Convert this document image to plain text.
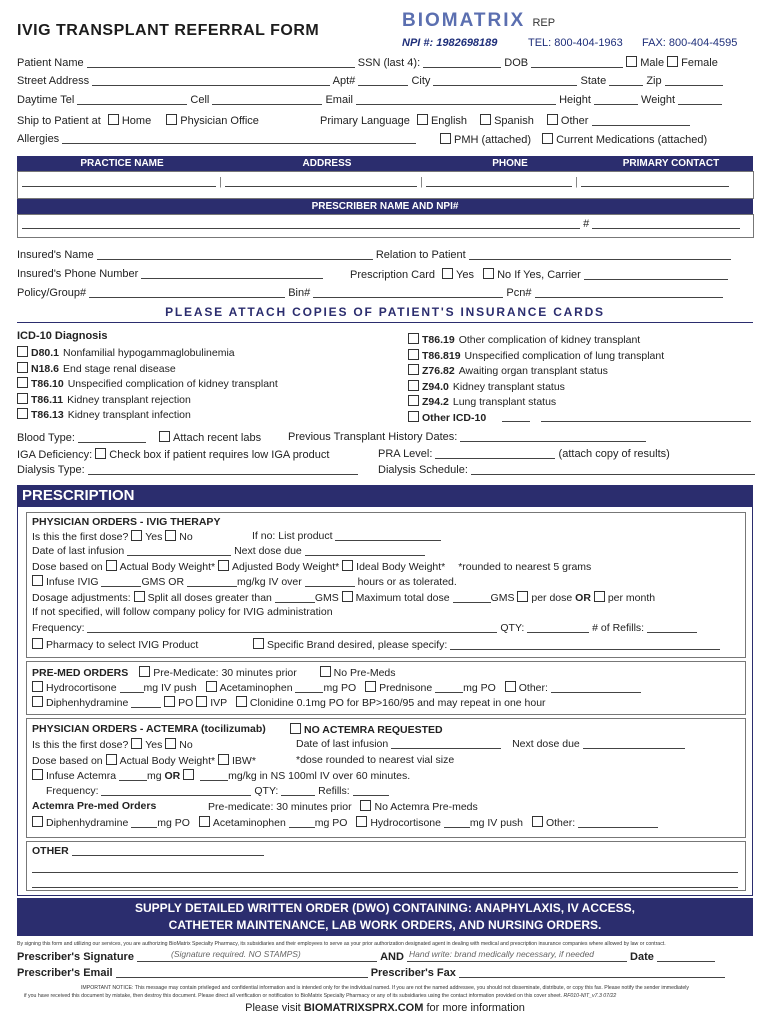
IVIG TRANSPLANT REFERRAL FORM	BIOMATRIX REP
NPI #: 1982698189	TEL: 800-404-1963 FAX: 800-404-4595
Patient Name	SSN (last 4):	DOB	Male Female
Street Address	Apt#	City	State	Zip
Daytime Tel	Cell	Email	Height	Weight
Ship to Patient at Home	Physician Office	Primary Language English Spanish Other
Allergies	PMH (attached) Current Medications (attached)
PRACTICE NAME	ADDRESS	PHONE	PRIMARY CONTACT
|	|	|
PRESCRIBER NAME AND NPI#
#
Insured's Name	Relation to Patient
Insured's Phone Number	Prescription Card Yes No If Yes, Carrier
Policy/Group#	Bin#	Pcn#
PLEASE ATTACH COPIES OF PATIENT'S INSURANCE CARDS
ICD-10 Diagnosis
D80.1 Nonfamilial hypogammaglobulinemia
N18.6 End stage renal disease
T86.10 Unspecified complication of kidney transplant
T86.11 Kidney transplant rejection
T86.13 Kidney transplant infection
T86.19 Other complication of kidney transplant
T86.819 Unspecified complication of lung transplant
Z76.82 Awaiting organ transplant status
Z94.0 Kidney transplant status
Z94.2 Lung transplant status
Other ICD-10

Blood Type:	Attach recent labs Previous Transplant History Dates:
IGA Deficiency: Check box if patient requires low IGA product	PRA Level:	(attach copy of results)
Dialysis Type:	Dialysis Schedule:
PRESCRIPTION
PHYSICIAN ORDERS - IVIG THERAPY
Is this the first dose? Yes No	If no: List product
Date of last infusion	Next dose due
Dose based on Actual Body Weight* Adjusted Body Weight* Ideal Body Weight* *rounded to nearest 5 grams
Infuse IVIG	GMS OR	mg/kg IV over	hours or as tolerated.
Dosage adjustments: Split all doses greater than	GMS Maximum total dose	GMS per dose OR per month
If not specified, will follow company policy for IVIG administration
Frequency:	QTY:	# of Refills:
Pharmacy to select IVIG Product	Specific Brand desired, please specify:
PRE-MED ORDERS Pre-Medicate: 30 minutes prior	No Pre-Meds
Hydrocortisone	mg IV push Acetaminophen	mg PO Prednisone	mg PO Other:
Diphenhydramine	PO IVP Clonidine 0.1mg PO for BP>160/95 and may repeat in one hour
PHYSICIAN ORDERS - ACTEMRA (tocilizumab)	NO ACTEMRA REQUESTED
Is this the first dose? Yes No	Date of last infusion	Next dose due
Dose based on Actual Body Weight* IBW*	*dose rounded to nearest vial size
Infuse Actemra	mg OR	mg/kg in NS 100ml IV over 60 minutes.
Frequency:	QTY:	Refills:
Actemra Pre-med Orders	Pre-medicate: 30 minutes prior No Actemra Pre-meds
Diphenhydramine	mg PO Acetaminophen	mg PO Hydrocortisone	mg IV push Other:
OTHER
SUPPLY DETAILED WRITTEN ORDER (DWO) CONTAINING: ANAPHYLAXIS, IV ACCESS,
CATHETER MAINTENANCE, LAB WORK ORDERS, AND NURSING ORDERS.
By signing this form and utilizing our services, you are authorizing BioMatrix Specialty Pharmacy, its subsidiaries and their employees to serve as your prior authorization designated agent in dealing with medical and prescription insurance companies where allowed by law or contract.
Prescriber's Signature	(Signature required. NO STAMPS)	AND Hand write: brand medically necessary, if needed	Date
Prescriber's Email	Prescriber's Fax
IMPORTANT NOTICE: This message may contain privileged and confidential information and is intended only for the individual named. If you are not the named addressee, you should not disseminate, distribute, or copy this fax. Please notify the sender immediately
if you have received this document by mistake, then destroy this document. Please direct all verification or notification to BioMatrix Specialty Pharmacy or any of its subsidiaries using the contact information provided on this cover sheet. RF010-NIT_v7.3 07/22
Please visit BIOMATRIXSPRX.COM for more information
